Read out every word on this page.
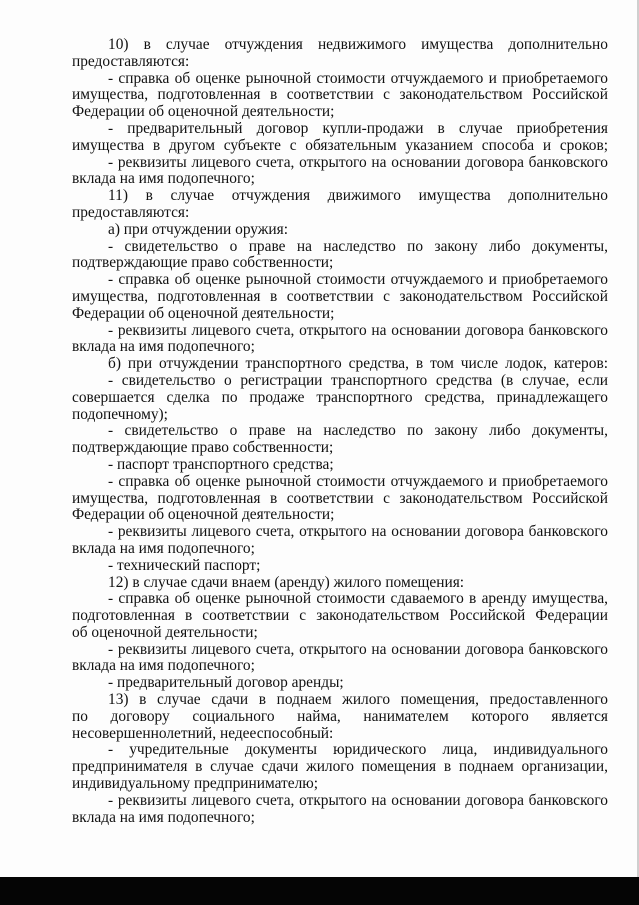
10) в случае отчуждения недвижимого имущества дополнительно
предоставляются:
- справка об оценке рыночной стоимости отчуждаемого и приобретаемого
имущества, подготовленная в соответствии с законодательством Российской
Федерации об оценочной деятельности;
- предварительный договор купли-продажи в случае приобретения
имущества в другом субъекте с обязательным указанием способа и сроков;
- реквизиты лицевого счета, открытого на основании договора банковского
вклада на имя подопечного;
11) в случае отчуждения движимого имущества дополнительно
предоставляются:
а) при отчуждении оружия:
- свидетельство о праве на наследство по закону либо документы,
подтверждающие право собственности;
- справка об оценке рыночной стоимости отчуждаемого и приобретаемого
имущества, подготовленная в соответствии с законодательством Российской
Федерации об оценочной деятельности;
- реквизиты лицевого счета, открытого на основании договора банковского
вклада на имя подопечного;
б) при отчуждении транспортного средства, в том числе лодок, катеров:
- свидетельство о регистрации транспортного средства (в случае, если
совершается сделка по продаже транспортного средства, принадлежащего
подопечному);
- свидетельство о праве на наследство по закону либо документы,
подтверждающие право собственности;
- паспорт транспортного средства;
- справка об оценке рыночной стоимости отчуждаемого и приобретаемого
имущества, подготовленная в соответствии с законодательством Российской
Федерации об оценочной деятельности;
- реквизиты лицевого счета, открытого на основании договора банковского
вклада на имя подопечного;
- технический паспорт;
12) в случае сдачи внаем (аренду) жилого помещения:
- справка об оценке рыночной стоимости сдаваемого в аренду имущества,
подготовленная в соответствии с законодательством Российской Федерации
об оценочной деятельности;
- реквизиты лицевого счета, открытого на основании договора банковского
вклада на имя подопечного;
- предварительный договор аренды;
13) в случае сдачи в поднаем жилого помещения, предоставленного
по договору социального найма, нанимателем которого является
несовершеннолетний, недееспособный:
- учредительные документы юридического лица, индивидуального
предпринимателя в случае сдачи жилого помещения в поднаем организации,
индивидуальному предпринимателю;
- реквизиты лицевого счета, открытого на основании договора банковского
вклада на имя подопечного;
